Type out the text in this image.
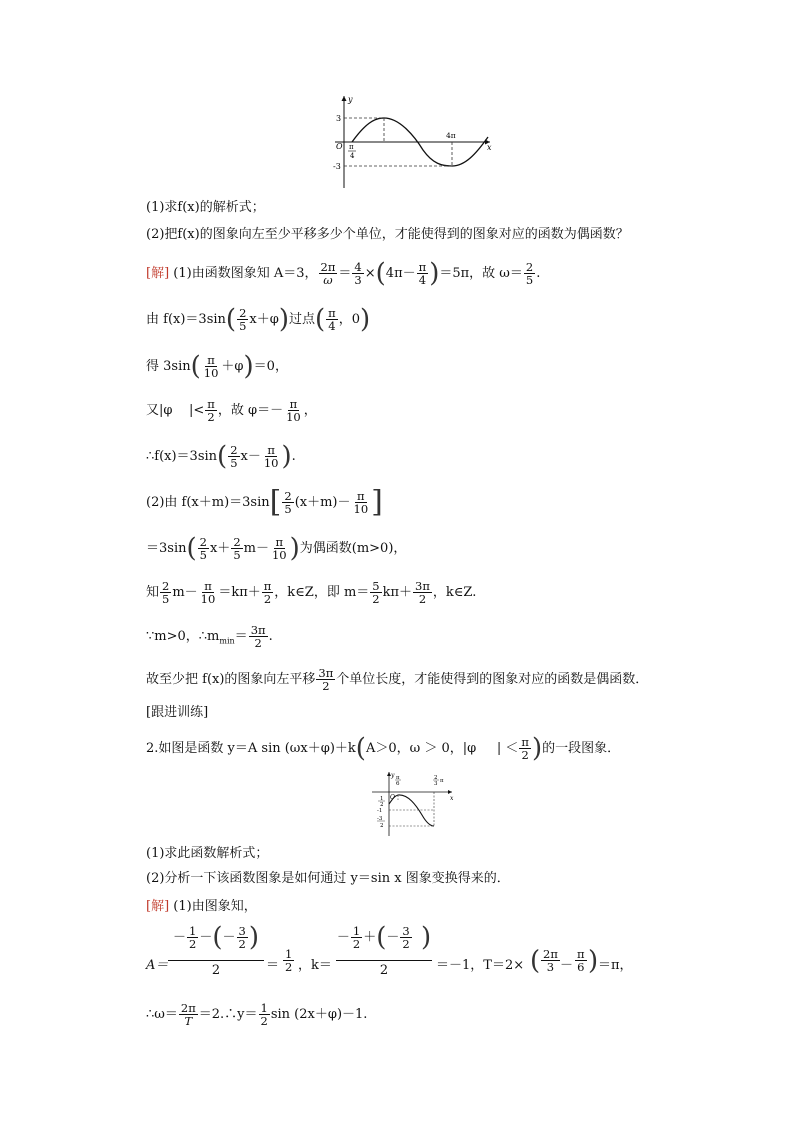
y
x
O
3
-3
π
4
4π
(1)求f(x)的解析式；
(2)把f(x)的图象向左至少平移多少个单位，才能使得到的图象对应的函数为偶函数？
[解] (1)由函数图象知 A＝3， $\frac{2\pi}{\omega} = \frac{4}{3} \times(4\pi- \frac{\pi}{4} )=5\pi$，故 $\omega= \frac{2}{5}$ .
由 $f(x)=3\sin( \frac{2}{5} x+\varphi)$过点( $\frac{\pi}{4}$ ，0)
得 $3\sin( \frac{\pi}{10} +\varphi)=0$，
又|φ |< $\frac{\pi}{2}$ ，故 $\varphi=- \frac{\pi}{10}$ ，
∴f(x)＝3sin( $\frac{2}{5} x- \frac{\pi}{10}$ ).
(2)由 $f(x+m)=3\sin[ \frac{2}{5} (x+m)- \frac{\pi}{10}$ ]
$=3\sin( \frac{2}{5} x+ \frac{2}{5} m- \frac{\pi}{10}$ )为偶函数(m>0)，
知 $\frac{2}{5} m- \frac{\pi}{10} =k\pi+ \frac{\pi}{2}$ ，k∈Z，即 $m= \frac{5}{2} k\pi+ \frac{3\pi}{2}$ ，k∈Z.
∵m>0，$\therefore m_{min}= \frac{3\pi}{2}$ .
故至少把 f(x)的图象向左平移 $\frac{3\pi}{2}$ 个单位长度，才能使得到的图象对应的函数是偶函数．
[跟进训练]
2.如图是函数 y＝A sin (ωx＋φ)＋k(A＞0，ω ＞ 0，|φ | ＜ $\frac{\pi}{2}$ )的一段图象．
y
x
O
π
6
2
3 π
1
2
-1
-3
2
(1)求此函数解析式；
(2)分析一下该函数图象是如何通过 y＝sin x 图象变换得来的．
[解] (1)由图象知，
A＝
－ $\frac{1}{2}$ －(－ $\frac{3}{2}$ )
2	＝ $\frac{1}{2}$ ，k＝
－ $\frac{1}{2}$ ＋(－ $\frac{3}{2}$ )
2	＝－1，T＝2× ( $\frac{2\pi}{3} - \frac{\pi}{6}$ ) ＝π，
∴ω＝ $\frac{2\pi}{T}$ ＝2.∴y＝ $\frac{1}{2}$ sin (2x＋φ)－1.
